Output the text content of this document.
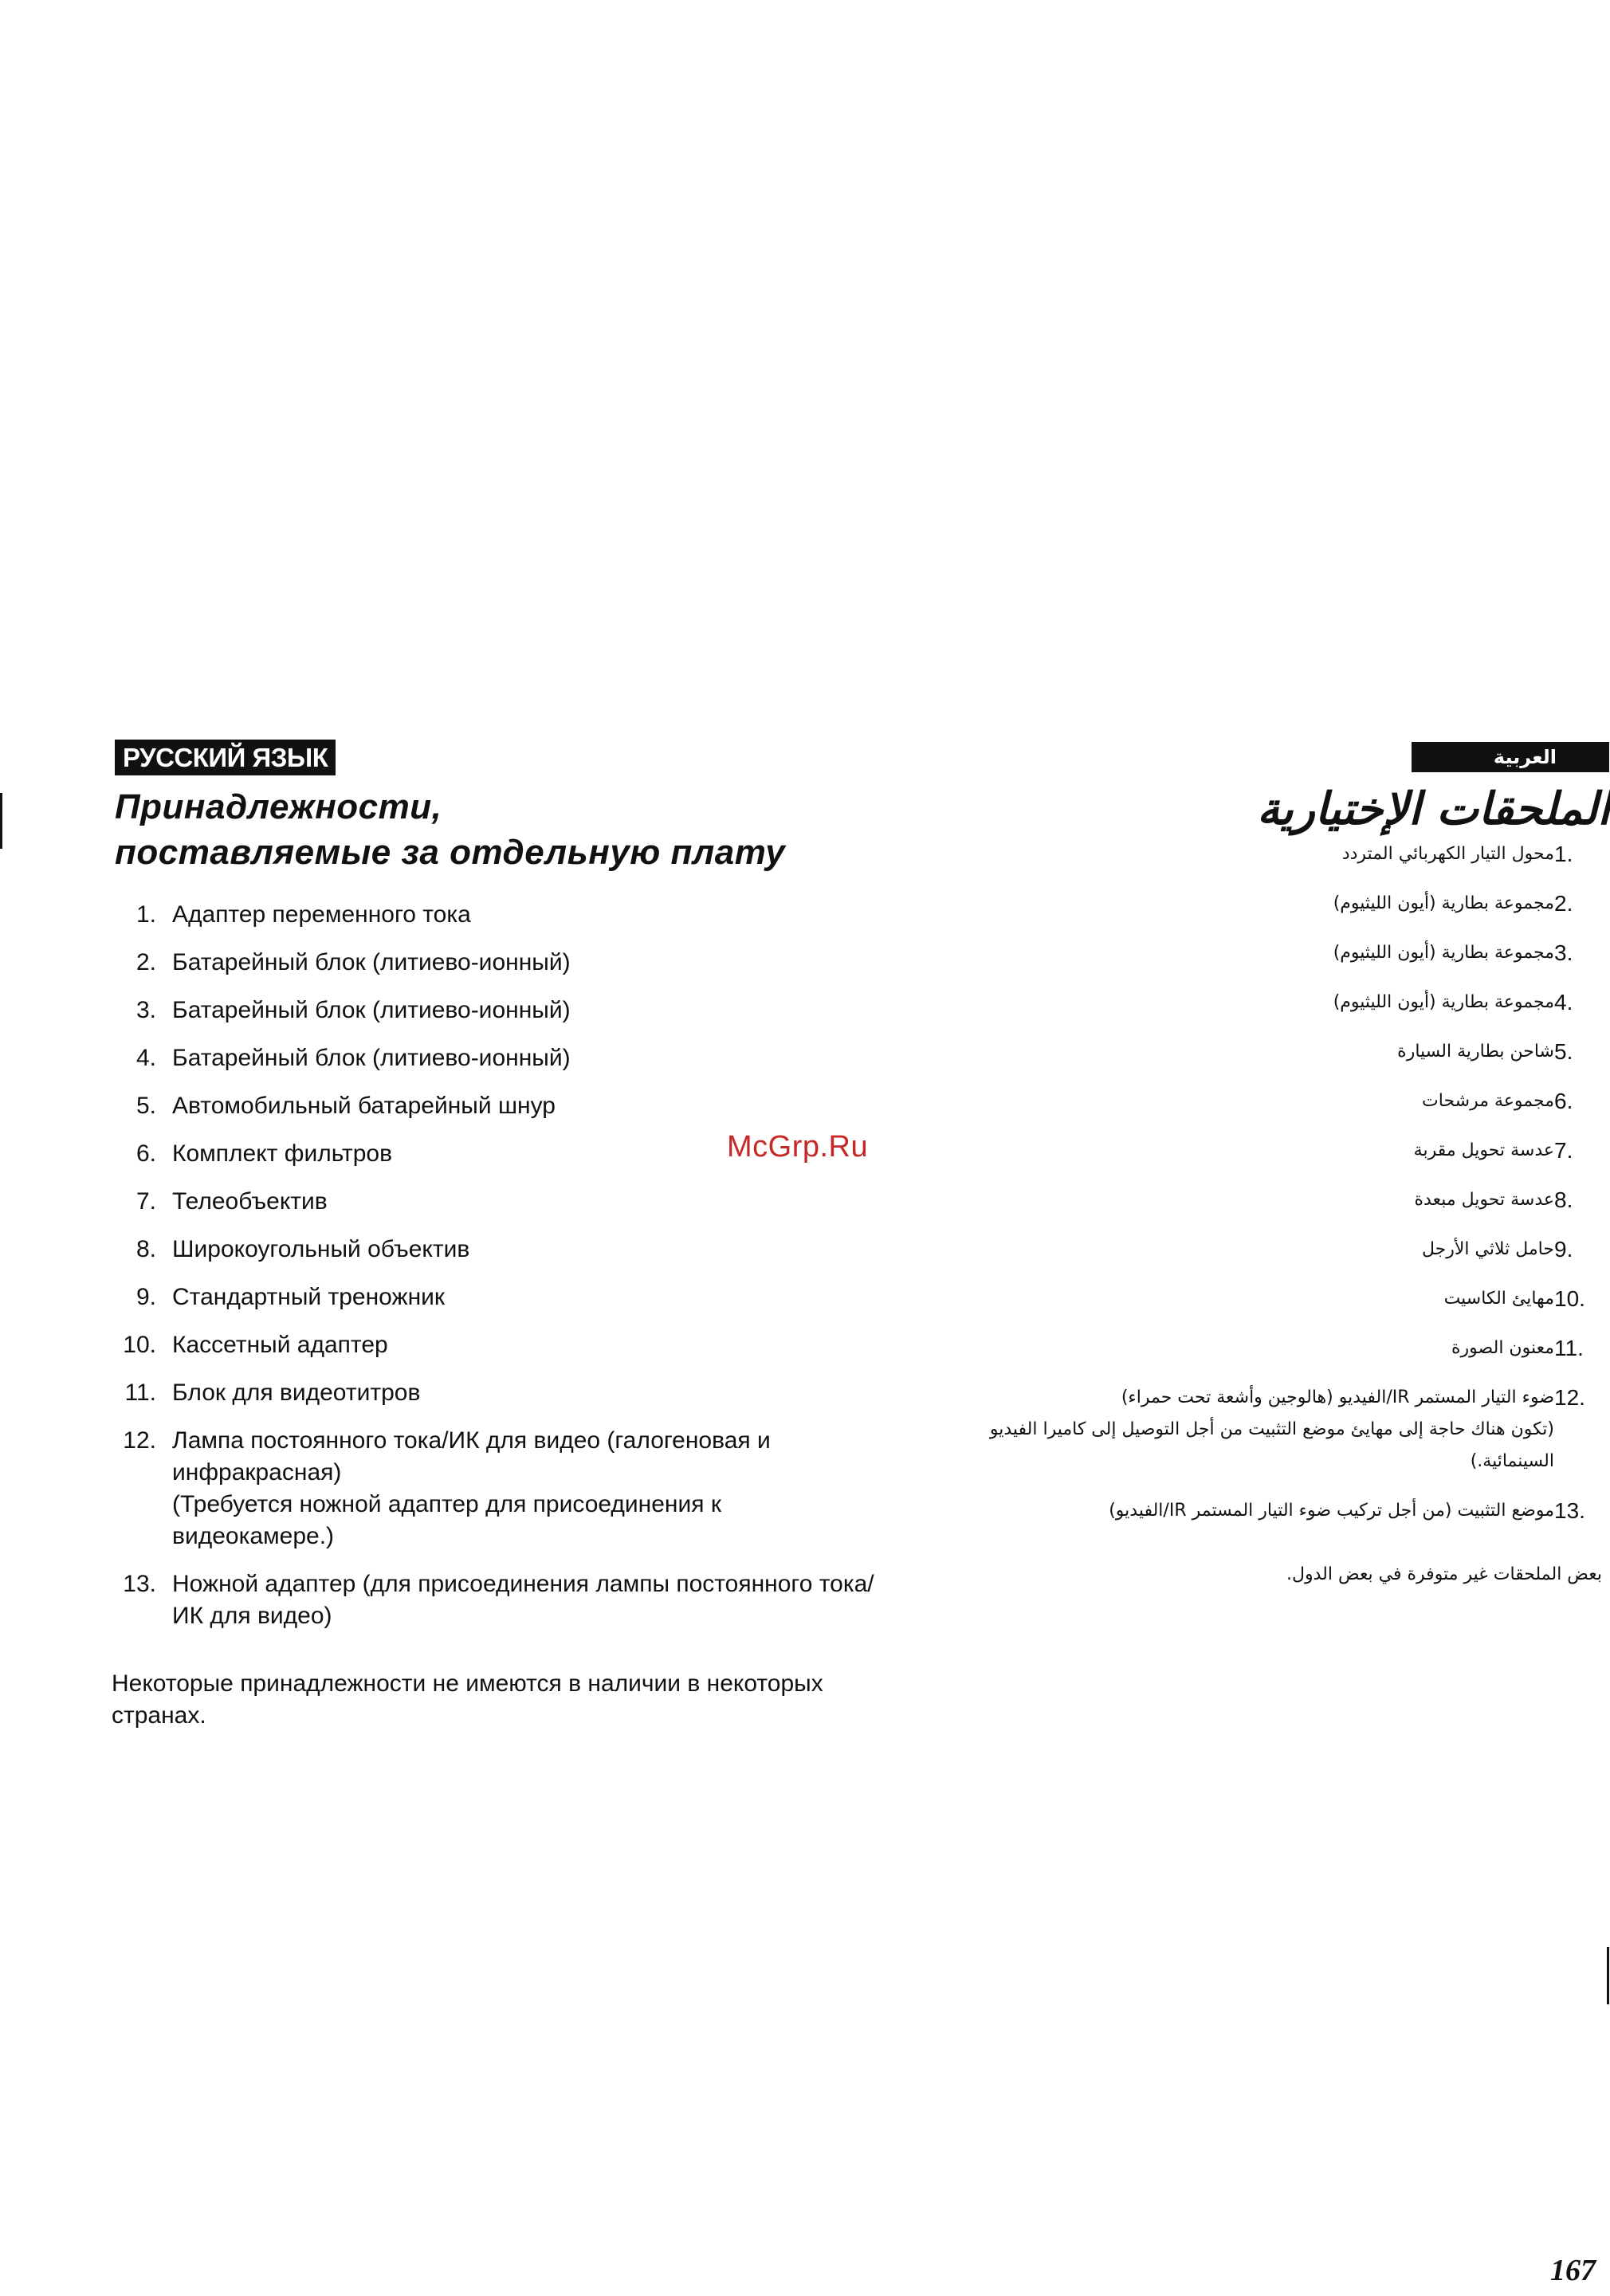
РУССКИЙ ЯЗЫК
Принадлежности,
поставляемые за отдельную плату
1. Адаптер переменного тока
2. Батарейный блок (литиево-ионный)
3. Батарейный блок (литиево-ионный)
4. Батарейный блок (литиево-ионный)
5. Автомобильный батарейный шнур
6. Комплект фильтров
7. Телеобъектив
8. Широкоугольный объектив
9. Стандартный треножник
10. Кассетный адаптер
11. Блок для видеотитров
12. Лампа постоянного тока/ИК для видео (галогеновая и инфракрасная)
(Требуется ножной адаптер для присоединения к видеокамере.)
13. Ножной адаптер (для присоединения лампы постоянного тока/ИК для видео)
Некоторые принадлежности не имеются в наличии в некоторых странах.
McGrp.Ru
العربية
الملحقات الإختيارية
1.
محول التيار الكهربائي المتردد
2.
مجموعة بطارية (أيون الليثيوم)
3.
مجموعة بطارية (أيون الليثيوم)
4.
مجموعة بطارية (أيون الليثيوم)
5.
شاحن بطارية السيارة
6.
مجموعة مرشحات
7.
عدسة تحويل مقربة
8.
عدسة تحويل مبعدة
9.
حامل ثلاثي الأرجل
10.
مهايئ الكاسيت
11.
معنون الصورة
12.
ضوء التيار المستمر IR/الفيديو (هالوجين وأشعة تحت حمراء)
(تكون هناك حاجة إلى مهايئ موضع التثبيت من أجل التوصيل إلى كاميرا الفيديو السينمائية.)
13.
موضع التثبيت (من أجل تركيب ضوء التيار المستمر IR/الفيديو)
بعض الملحقات غير متوفرة في بعض الدول.
167
